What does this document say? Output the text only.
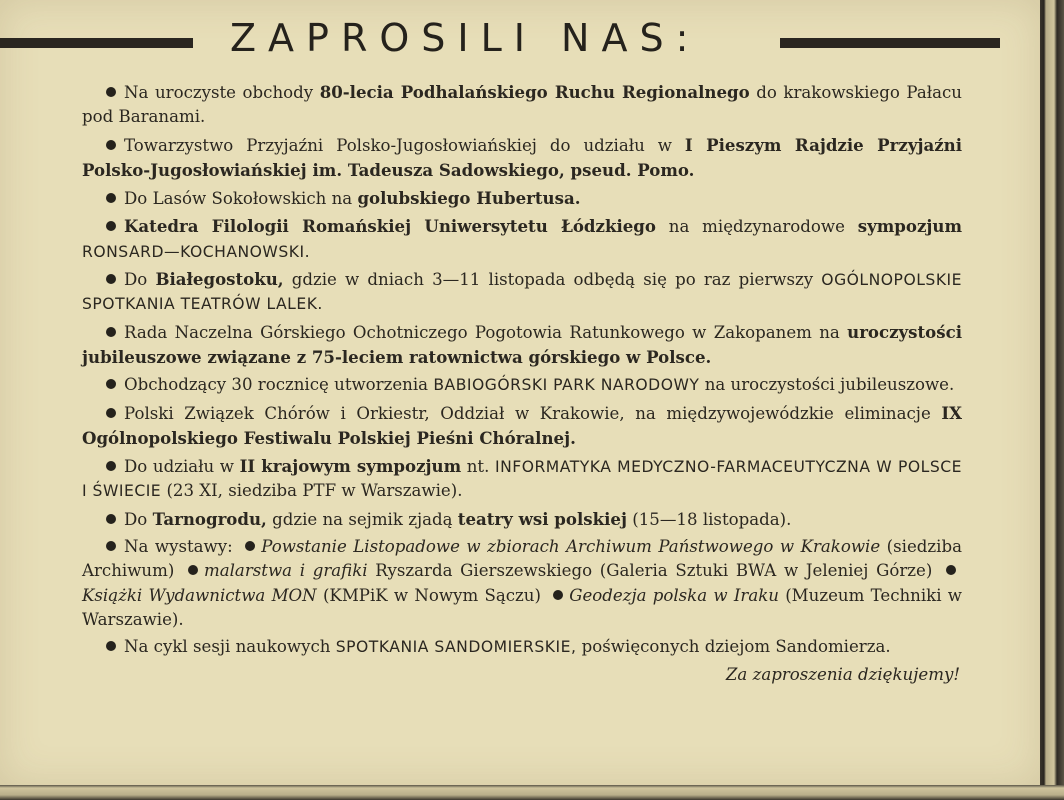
ZAPROSILI NAS:
Na uroczyste obchody 80-lecia Podhalańskiego Ruchu Regionalnego do krakowskiego Pałacu pod Baranami.
Towarzystwo Przyjaźni Polsko-Jugosłowiańskiej do udziału w I Pieszym Rajdzie Przyjaźni Polsko-Jugosłowiańskiej im. Tadeusza Sadowskiego, pseud. Pomo.
Do Lasów Sokołowskich na golubskiego Hubertusa.
Katedra Filologii Romańskiej Uniwersytetu Łódzkiego na międzynarodowe sympozjum RONSARD—KOCHANOWSKI.
Do Białegostoku, gdzie w dniach 3—11 listopada odbędą się po raz pierwszy OGÓLNOPOLSKIE SPOTKANIA TEATRÓW LALEK.
Rada Naczelna Górskiego Ochotniczego Pogotowia Ratunkowego w Zakopanem na uroczystości jubileuszowe związane z 75-leciem ratownictwa górskiego w Polsce.
Obchodzący 30 rocznicę utworzenia BABIOGÓRSKI PARK NARODOWY na uroczystości jubileuszowe.
Polski Związek Chórów i Orkiestr, Oddział w Krakowie, na międzywojewódzkie eliminacje IX Ogólnopolskiego Festiwalu Polskiej Pieśni Chóralnej.
Do udziału w II krajowym sympozjum nt. INFORMATYKA MEDYCZNO-FARMACEUTYCZNA W POLSCE I ŚWIECIE (23 XI, siedziba PTF w Warszawie).
Do Tarnogrodu, gdzie na sejmik zjadą teatry wsi polskiej (15—18 listopada).
Na wystawy: Powstanie Listopadowe w zbiorach Archiwum Państwowego w Krakowie (siedziba Archiwum) malarstwa i grafiki Ryszarda Gierszewskiego (Galeria Sztuki BWA w Jeleniej Górze) Książki Wydawnictwa MON (KMPiK w Nowym Sączu) Geodezja polska w Iraku (Muzeum Techniki w Warszawie).
Na cykl sesji naukowych SPOTKANIA SANDOMIERSKIE, poświęconych dziejom Sandomierza.
Za zaproszenia dziękujemy!
